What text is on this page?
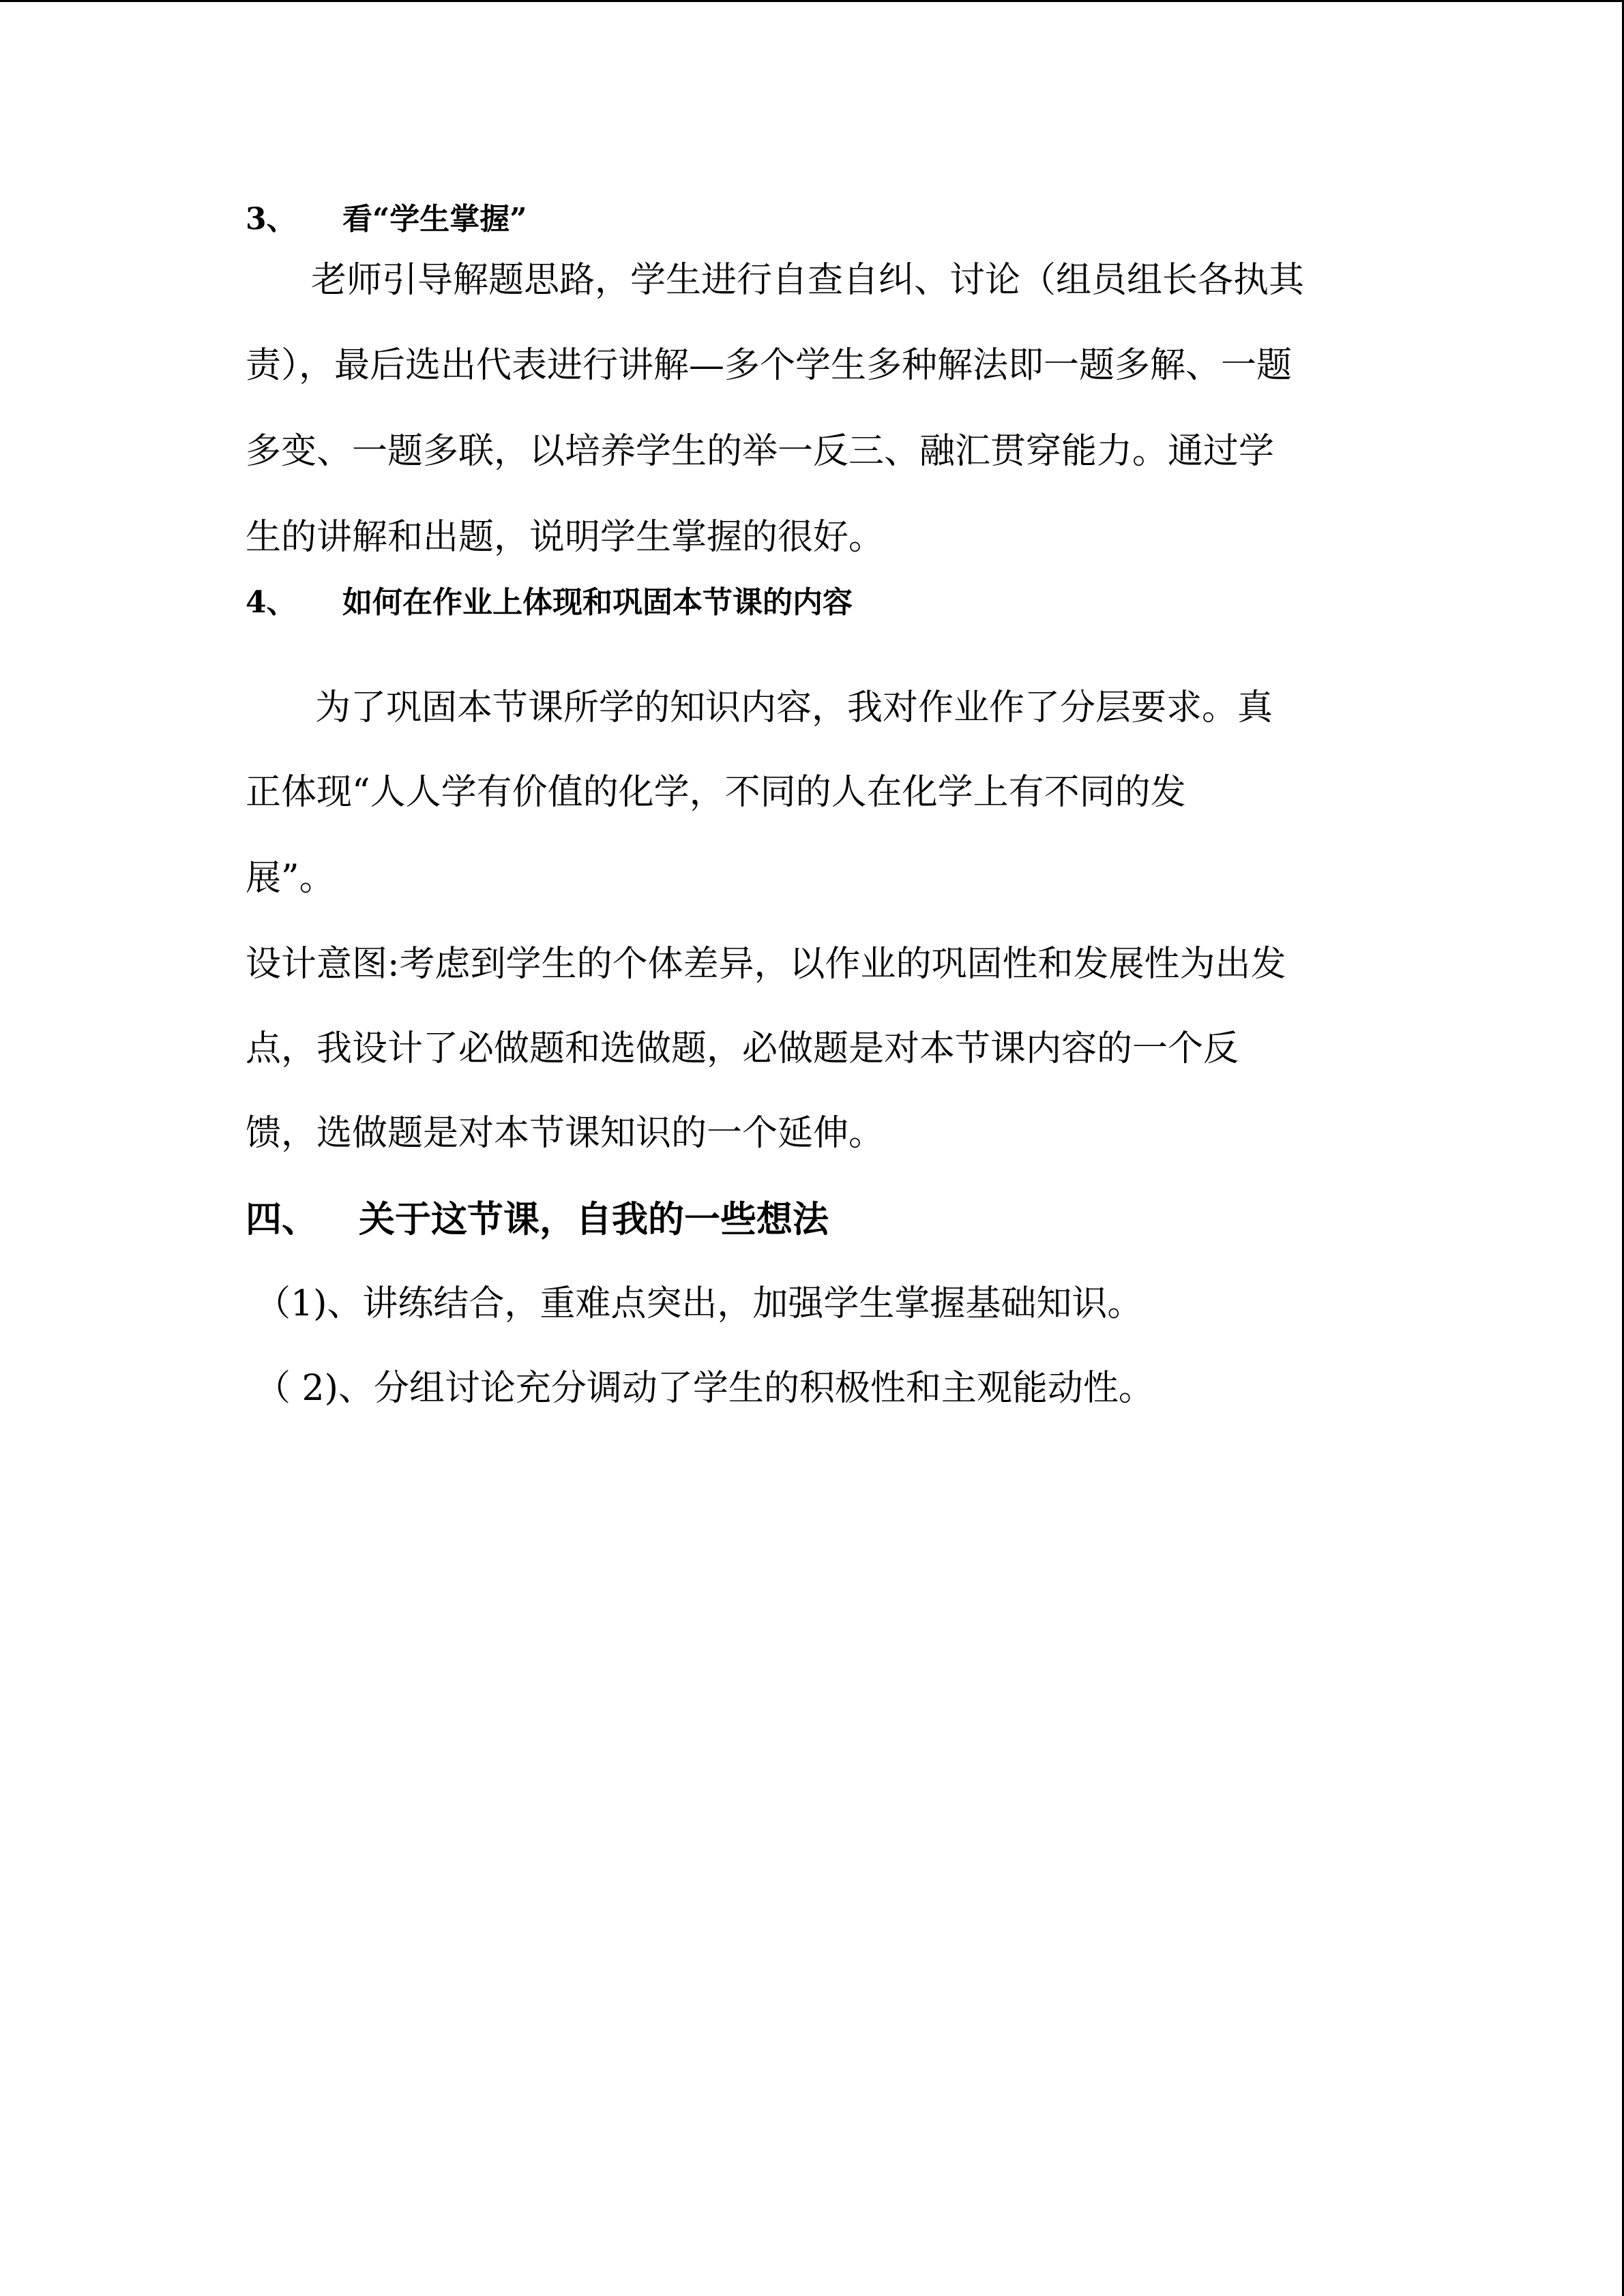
3、 看“学生掌握”
老师引导解题思路，学生进行自查自纠、讨论（组员组长各执其
责），最后选出代表进行讲解—多个学生多种解法即一题多解、一题
多变、一题多联，以培养学生的举一反三、融汇贯穿能力。通过学
生的讲解和出题，说明学生掌握的很好。
4、 如何在作业上体现和巩固本节课的内容
为了巩固本节课所学的知识内容，我对作业作了分层要求。真
正体现“人人学有价值的化学，不同的人在化学上有不同的发
展”。
设计意图:考虑到学生的个体差异，以作业的巩固性和发展性为出发
点，我设计了必做题和选做题，必做题是对本节课内容的一个反
馈，选做题是对本节课知识的一个延伸。
四、 关于这节课，自我的一些想法
（1)、讲练结合，重难点突出，加强学生掌握基础知识。
（ 2)、分组讨论充分调动了学生的积极性和主观能动性。
